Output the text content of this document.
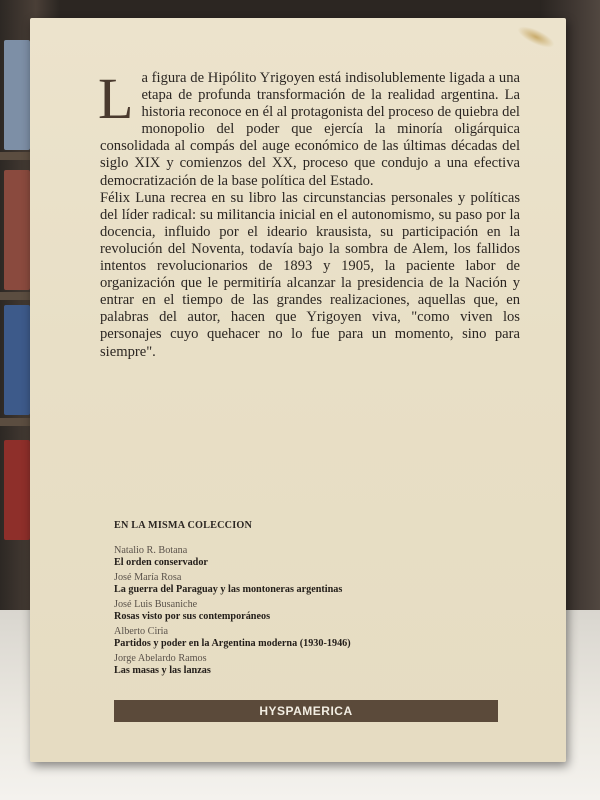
L a figura de Hipólito Yrigoyen está indisolublemente ligada a una etapa de profunda transformación de la realidad argentina. La historia reconoce en él al protagonista del proceso de quiebra del monopolio del poder que ejercía la minoría oligárquica consolidada al compás del auge económico de las últimas décadas del siglo XIX y comienzos del XX, proceso que condujo a una efectiva democratización de la base política del Estado.

Félix Luna recrea en su libro las circunstancias personales y políticas del líder radical: su militancia inicial en el autonomismo, su paso por la docencia, influido por el ideario krausista, su participación en la revolución del Noventa, todavía bajo la sombra de Alem, los fallidos intentos revolucionarios de 1893 y 1905, la paciente labor de organización que le permitiría alcanzar la presidencia de la Nación y entrar en el tiempo de las grandes realizaciones, aquellas que, en palabras del autor, hacen que Yrigoyen viva, "como viven los personajes cuyo quehacer no lo fue para un momento, sino para siempre".

EN LA MISMA COLECCION

Natalio R. Botana
El orden conservador
José María Rosa
La guerra del Paraguay y las montoneras argentinas
José Luis Busaniche
Rosas visto por sus contemporáneos
Alberto Ciria
Partidos y poder en la Argentina moderna (1930-1946)
Jorge Abelardo Ramos
Las masas y las lanzas
HYSPAMERICA
